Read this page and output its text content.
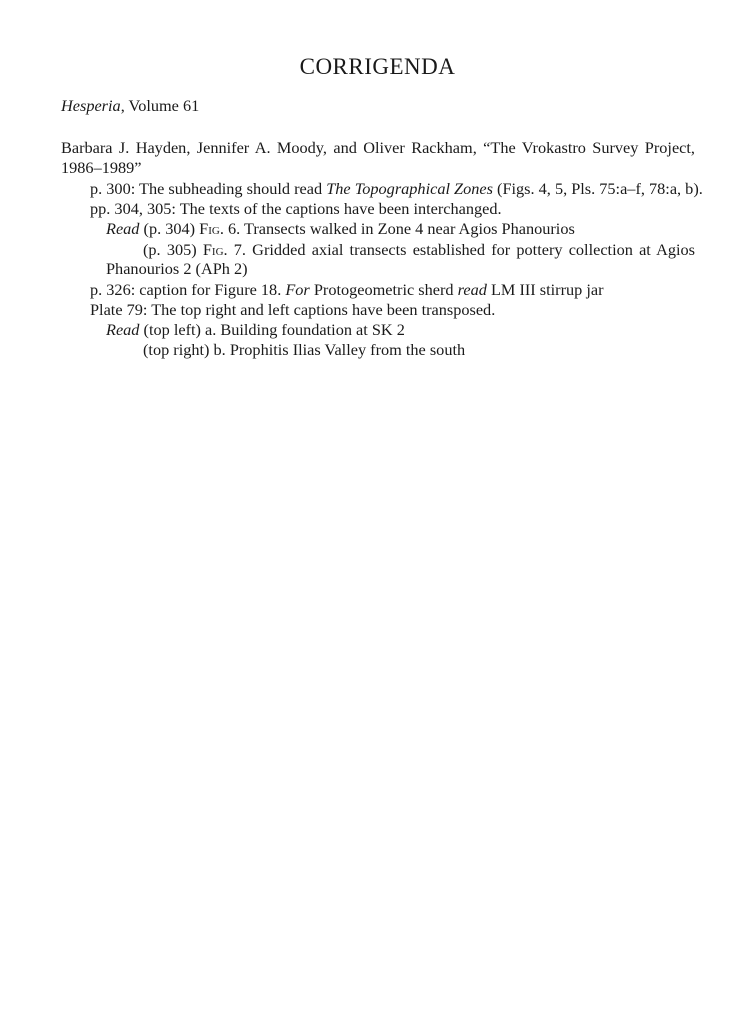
CORRIGENDA
Hesperia, Volume 61
Barbara J. Hayden, Jennifer A. Moody, and Oliver Rackham, “The Vrokastro Survey Project,
1986–1989”
p. 300: The subheading should read The Topographical Zones (Figs. 4, 5, Pls. 75:a–f, 78:a, b).
pp. 304, 305: The texts of the captions have been interchanged.
Read (p. 304) Fig. 6. Transects walked in Zone 4 near Agios Phanourios
(p. 305) Fig. 7. Gridded axial transects established for pottery collection at Agios
Phanourios 2 (APh 2)
p. 326: caption for Figure 18. For Protogeometric sherd read LM III stirrup jar
Plate 79: The top right and left captions have been transposed.
Read (top left) a. Building foundation at SK 2
(top right) b. Prophitis Ilias Valley from the south
